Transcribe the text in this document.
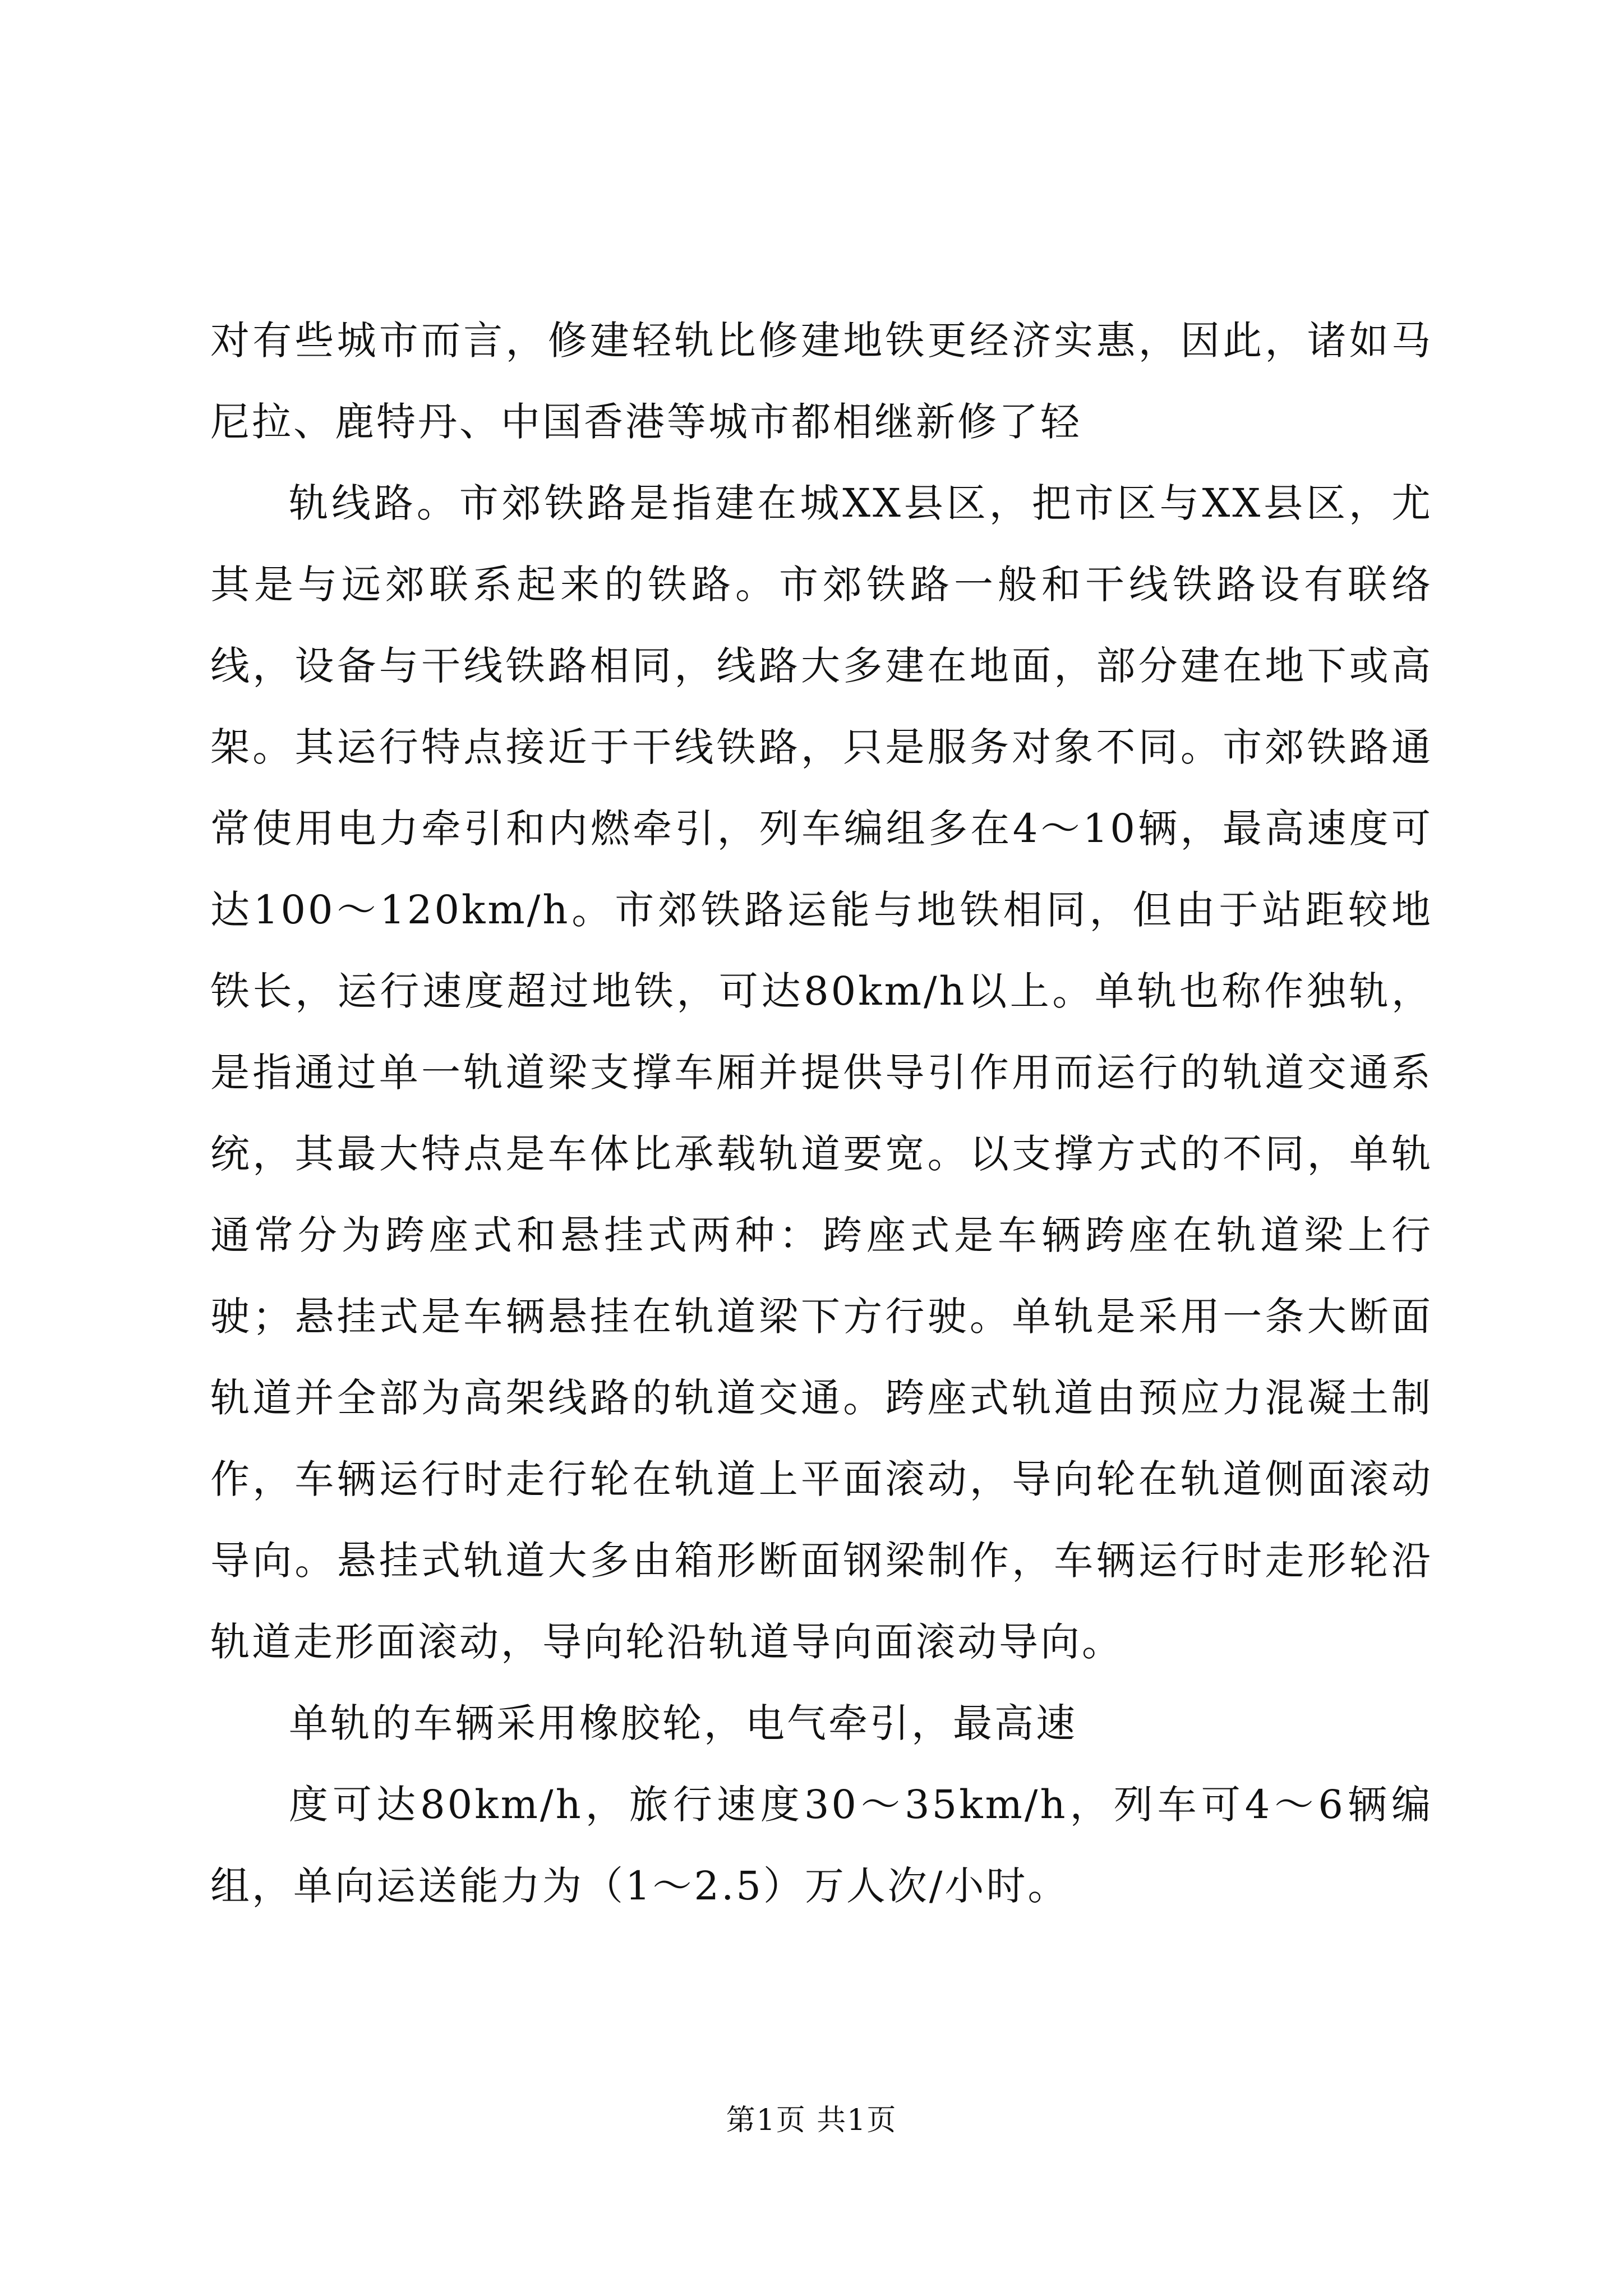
对有些城市而言，修建轻轨比修建地铁更经济实惠，因此，诸如马尼拉、鹿特丹、中国香港等城市都相继新修了轻

轨线路。市郊铁路是指建在城XX县区，把市区与XX县区，尤其是与远郊联系起来的铁路。市郊铁路一般和干线铁路设有联络线，设备与干线铁路相同，线路大多建在地面，部分建在地下或高架。其运行特点接近于干线铁路，只是服务对象不同。市郊铁路通常使用电力牵引和内燃牵引，列车编组多在4～10辆，最高速度可达100～120km/h。市郊铁路运能与地铁相同，但由于站距较地铁长，运行速度超过地铁，可达80km/h以上。单轨也称作独轨，是指通过单一轨道梁支撑车厢并提供导引作用而运行的轨道交通系统，其最大特点是车体比承载轨道要宽。以支撑方式的不同，单轨通常分为跨座式和悬挂式两种：跨座式是车辆跨座在轨道梁上行驶；悬挂式是车辆悬挂在轨道梁下方行驶。单轨是采用一条大断面轨道并全部为高架线路的轨道交通。跨座式轨道由预应力混凝土制作，车辆运行时走行轮在轨道上平面滚动，导向轮在轨道侧面滚动导向。悬挂式轨道大多由箱形断面钢梁制作，车辆运行时走形轮沿轨道走形面滚动，导向轮沿轨道导向面滚动导向。

单轨的车辆采用橡胶轮，电气牵引，最高速

度可达80km/h，旅行速度30～35km/h，列车可4～6辆编组，单向运送能力为（1～2.5）万人次/小时。

第1页 共1页
